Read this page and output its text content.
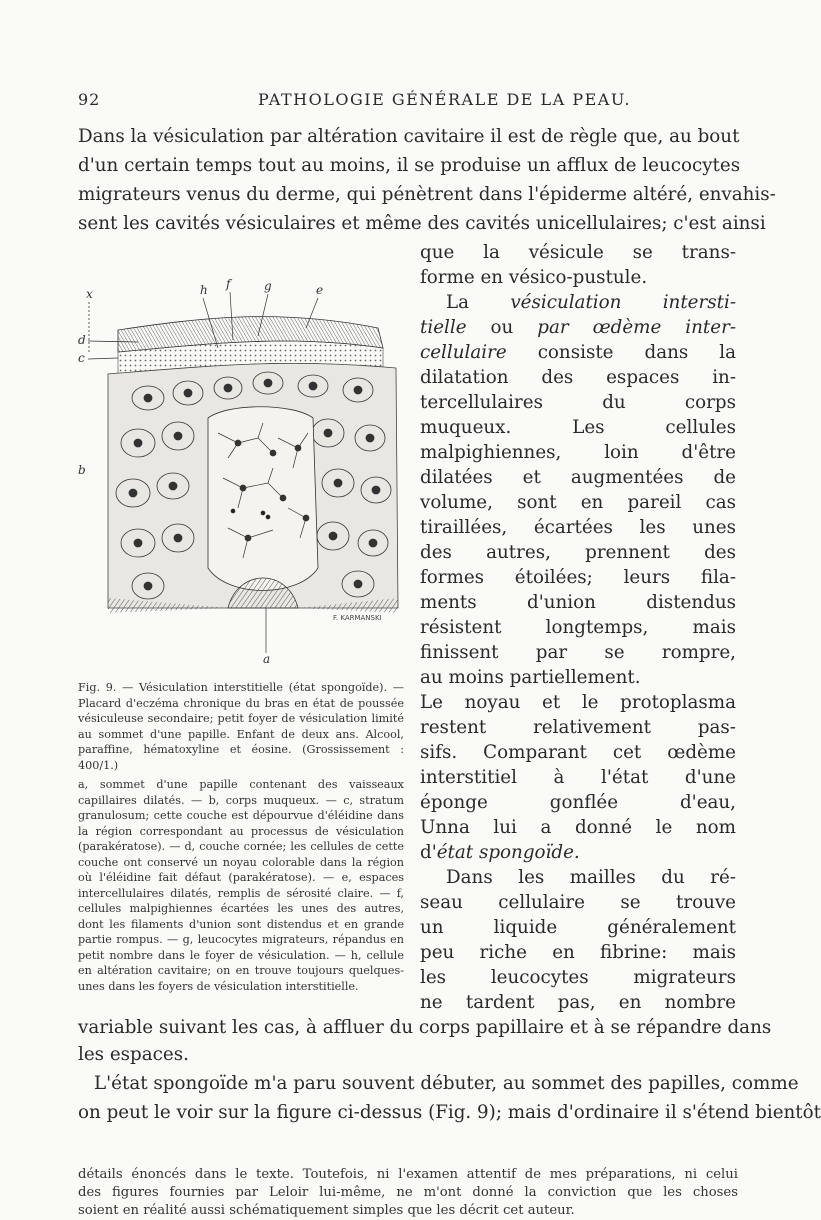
92	PATHOLOGIE GÉNÉRALE DE LA PEAU.
Dans la vésiculation par altération cavitaire il est de règle que, au bout
d'un certain temps tout au moins, il se produise un afflux de leucocytes
migrateurs venus du derme, qui pénètrent dans l'épiderme altéré, envahis-
sent les cavités vésiculaires et même des cavités unicellulaires; c'est ainsi
que la vésicule se trans-
forme en vésico-pustule.
La vésiculation intersti-
tielle ou par œdème inter-
cellulaire consiste dans la
dilatation des espaces in-
tercellulaires du corps
muqueux. Les cellules
malpighiennes, loin d'être
dilatées et augmentées de
volume, sont en pareil cas
tiraillées, écartées les unes
des autres, prennent des
formes étoilées; leurs fila-
ments d'union distendus
résistent longtemps, mais
finissent par se rompre,
au moins partiellement.
Le noyau et le protoplasma
restent relativement pas-
sifs. Comparant cet œdème
interstitiel à l'état d'une
éponge gonflée d'eau,
Unna lui a donné le nom
d'état spongoïde.
Dans les mailles du ré-
seau cellulaire se trouve
un liquide généralement
peu riche en fibrine: mais
les leucocytes migrateurs
ne tardent pas, en nombre
x	h f	g	e
d
c
b
a
F. KARMANSKI

Fig. 9. — Vésiculation interstitielle (état spongoïde). — Placard d'eczéma chronique du bras en état de poussée vésiculeuse secondaire; petit foyer de vésiculation limité au sommet d'une papille. Enfant de deux ans. Alcool, paraffine, hématoxyline et éosine. (Grossissement : 400/1.)

a, sommet d'une papille contenant des vaisseaux capillaires dilatés. — b, corps muqueux. — c, stratum granulosum; cette couche est dépourvue d'éléidine dans la région correspondant au processus de vésiculation (parakératose). — d, couche cornée; les cellules de cette couche ont conservé un noyau colorable dans la région où l'éléidine fait défaut (parakératose). — e, espaces intercellulaires dilatés, remplis de sérosité claire. — f, cellules malpighiennes écartées les unes des autres, dont les filaments d'union sont distendus et en grande partie rompus. — g, leucocytes migrateurs, répandus en petit nombre dans le foyer de vésiculation. — h, cellule en altération cavitaire; on en trouve toujours quelques-unes dans les foyers de vésiculation interstitielle.

variable suivant les cas, à affluer du corps papillaire et à se répandre dans
les espaces.
L'état spongoïde m'a paru souvent débuter, au sommet des papilles, comme
on peut le voir sur la figure ci-dessus (Fig. 9); mais d'ordinaire il s'étend bientôt
détails énoncés dans le texte. Toutefois, ni l'examen attentif de mes préparations, ni celui
des figures fournies par Leloir lui-même, ne m'ont donné la conviction que les choses
soient en réalité aussi schématiquement simples que les décrit cet auteur.
